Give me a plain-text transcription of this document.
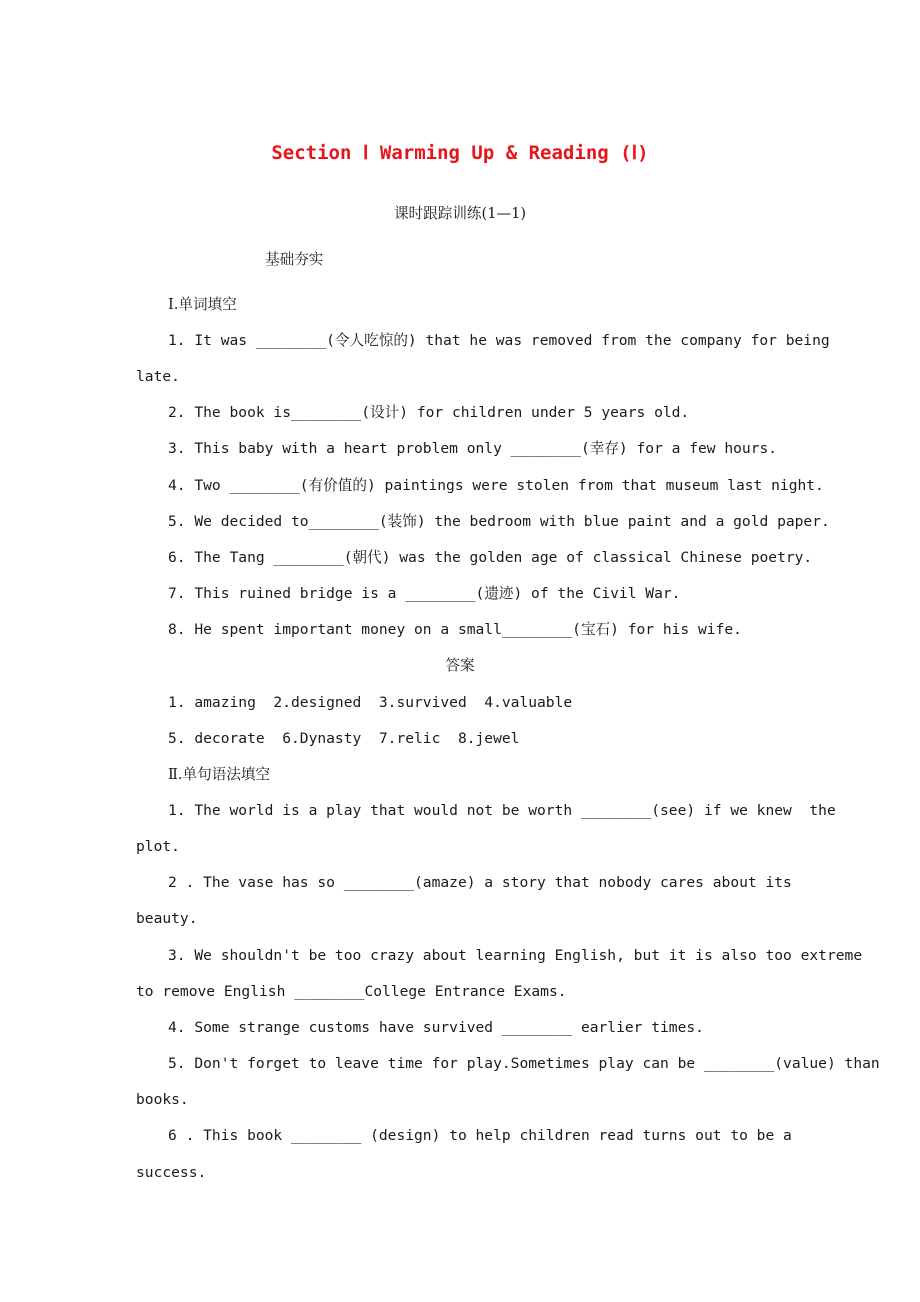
Section Ⅰ Warming Up & Reading (Ⅰ)
课时跟踪训练(1—1)
基础夯实
Ⅰ.单词填空
1. It was ________(令人吃惊的) that he was removed from the company for being
late.
2. The book is________(设计) for children under 5 years old.
3. This baby with a heart problem only ________(幸存) for a few hours.
4. Two ________(有价值的) paintings were stolen from that museum last night.
5. We decided to________(装饰) the bedroom with blue paint and a gold paper.
6. The Tang ________(朝代) was the golden age of classical Chinese poetry.
7. This ruined bridge is a ________(遗迹) of the Civil War.
8. He spent important money on a small________(宝石) for his wife.
答案
1. amazing  2.designed  3.survived  4.valuable
5. decorate  6.Dynasty  7.relic  8.jewel
Ⅱ.单句语法填空
1. The world is a play that would not be worth ________(see) if we knew  the
plot.
2 . The vase has so ________(amaze) a story that nobody cares about its
beauty.
3. We shouldn't be too crazy about learning English, but it is also too extreme
to remove English ________College Entrance Exams.
4. Some strange customs have survived ________ earlier times.
5. Don't forget to leave time for play.Sometimes play can be ________(value) than
books.
6 . This book ________ (design) to help children read turns out to be a
success.
